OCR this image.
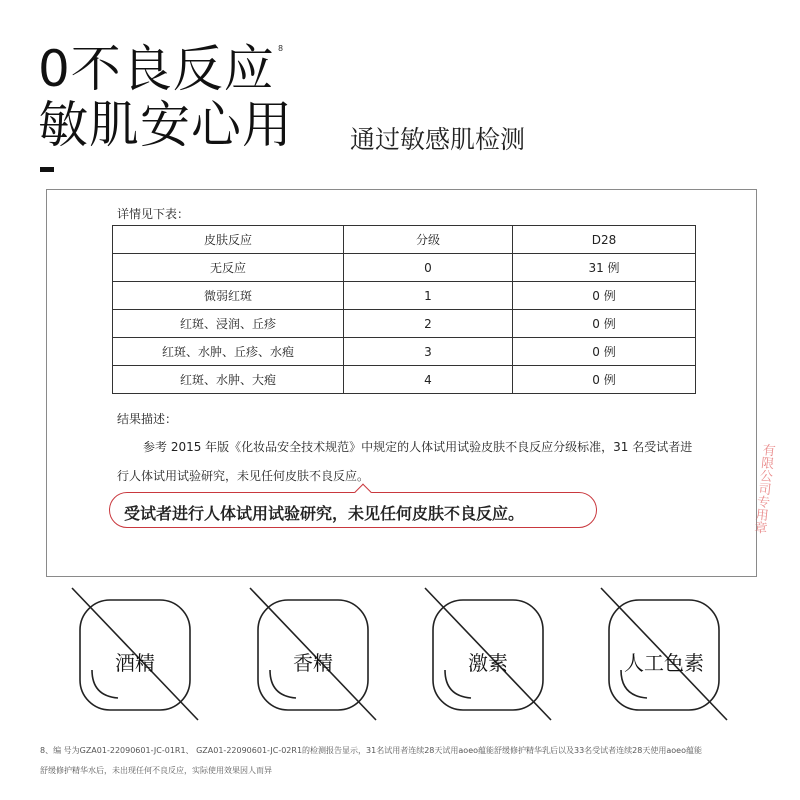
0不良反应 8
敏肌安心用 通过敏感肌检测
详情见下表：
皮肤反应	分级	D28
无反应	0	31 例
微弱红斑	1	0 例
红斑、浸润、丘疹	2	0 例
红斑、水肿、丘疹、水疱	3	0 例
红斑、水肿、大疱	4	0 例
结果描述：
参考 2015 年版《化妆品安全技术规范》中规定的人体试用试验皮肤不良反应分级标准，31 名受试者进行人体试用试验研究，未见任何皮肤不良反应。
受试者进行人体试用试验研究，未见任何皮肤不良反应。	有限公司专用章
酒精	香精	激素	人工色素
8、编 号为GZA01-22090601-JC-01R1、 GZA01-22090601-JC-02R1的检测报告显示，31名试用者连续28天试用aoeo蕴能舒缓修护精华乳后以及33名受试者连续28天使用aoeo蕴能
舒缓修护精华水后，未出现任何不良反应，实际使用效果因人而异
